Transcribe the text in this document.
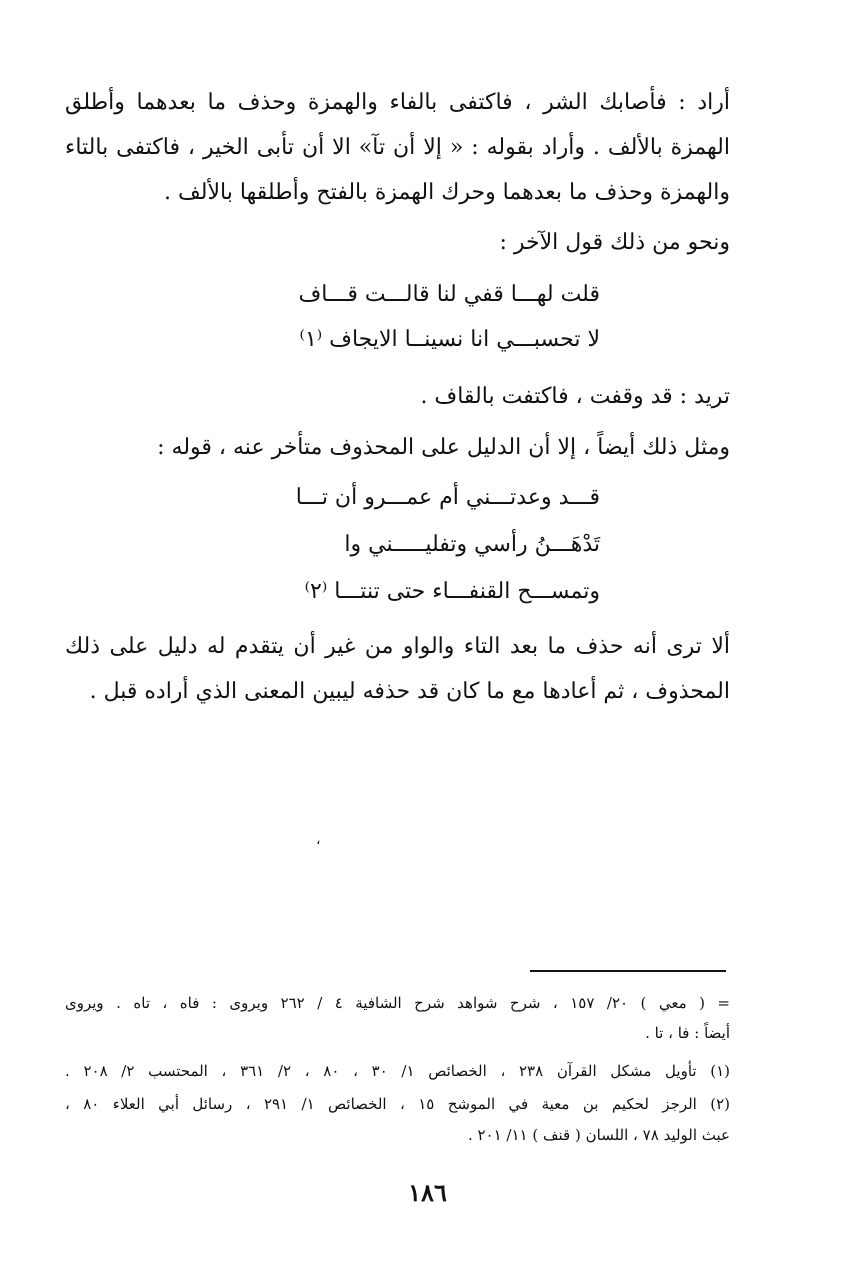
أراد : فأصابك الشر ، فاكتفى بالفاء والهمزة وحذف ما بعدهما وأطلق
الهمزة بالألف . وأراد بقوله : « إلا أن تآ» الا أن تأبى الخير ، فاكتفى بالتاء
والهمزة وحذف ما بعدهما وحرك الهمزة بالفتح وأطلقها بالألف .
ونحو من ذلك قول الآخر :
قلت لهـــا قفي لنا قالـــت قـــاف
لا تحسبـــي انا نسينــا الايجاف ⁽١⁾
تريد : قد وقفت ، فاكتفت بالقاف .
ومثل ذلك أيضاً ، إلا أن الدليل على المحذوف متأخر عنه ، قوله :
قـــد وعدتـــني أم عمـــرو أن تـــا
تَدْهَـــنُ رأسي وتفليـــــني وا
وتمســـح القنفـــاء حتى تنتـــا ⁽٢⁾
ألا ترى أنه حذف ما بعد التاء والواو من غير أن يتقدم له دليل على ذلك
المحذوف ، ثم أعادها مع ما كان قد حذفه ليبين المعنى الذي أراده قبل .
،
= ( معي ) ٢٠/ ١٥٧ ، شرح شواهد شرح الشافية ٤ / ٢٦٢ ويروى : فاه ، تاه . ويروى
أيضاً : فا ، تا .
(١) تأويل مشكل القرآن ٢٣٨ ، الخصائص ١/ ٣٠ ، ٨٠ ، ٢/ ٣٦١ ، المحتسب ٢/ ٢٠٨ .
(٢) الرجز لحكيم بن معية في الموشح ١٥ ، الخصائص ١/ ٢٩١ ، رسائل أبي العلاء ٨٠ ،
عبث الوليد ٧٨ ، اللسان ( قنف ) ١١/ ٢٠١ .
١٨٦
